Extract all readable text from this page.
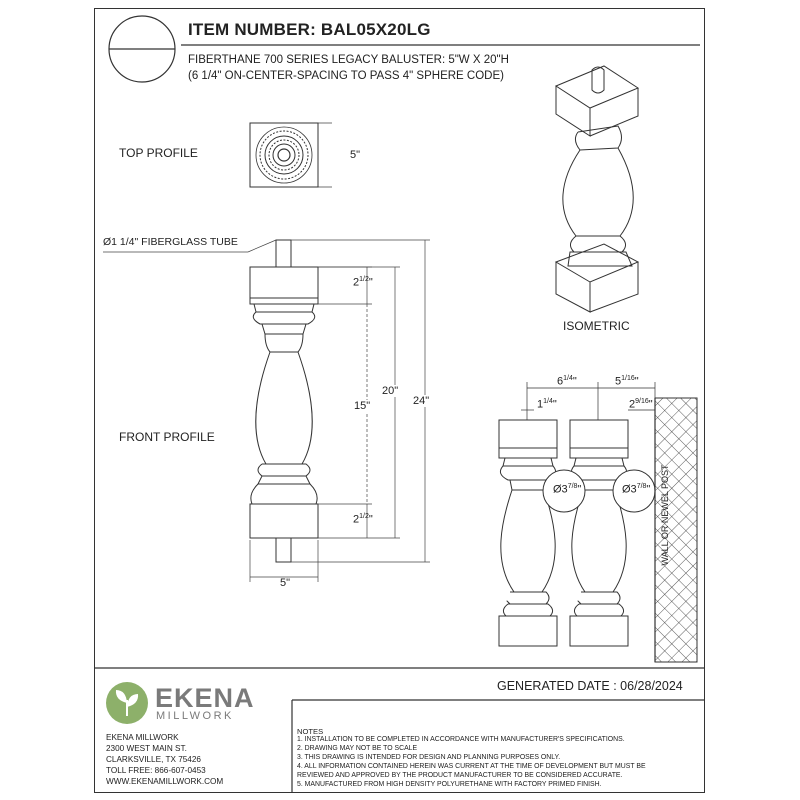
ITEM NUMBER: BAL05X20LG
FIBERTHANE 700 SERIES LEGACY BALUSTER: 5"W X 20"H
(6 1/4" ON-CENTER-SPACING TO PASS 4" SPHERE CODE)
TOP PROFILE
FRONT PROFILE
ISOMETRIC
Ø1 1/4" FIBERGLASS TUBE
5"
$2^{1/2}$"
$2^{1/2}$"
15"
20"
24"
5"
$6^{1/4}$"	$5^{1/16}$"
$1^{1/4}$"	$2^{9/16}$"
$Ø3^{7/8}$"	$Ø3^{7/8}$" WALL OR NEWEL POST
GENERATED DATE : 06/28/2024
EKENA
MILLWORK
EKENA MILLWORK
2300 WEST MAIN ST.
CLARKSVILLE, TX 75426
TOLL FREE: 866-607-0453
WWW.EKENAMILLWORK.COM
NOTES
1. INSTALLATION TO BE COMPLETED IN ACCORDANCE WITH MANUFACTURER'S SPECIFICATIONS.
2. DRAWING MAY NOT BE TO SCALE
3. THIS DRAWING IS INTENDED FOR DESIGN AND PLANNING PURPOSES ONLY.
4. ALL INFORMATION CONTAINED HEREIN WAS CURRENT AT THE TIME OF DEVELOPMENT BUT MUST BE
REVIEWED AND APPROVED BY THE PRODUCT MANUFACTURER TO BE CONSIDERED ACCURATE.
5. MANUFACTURED FROM HIGH DENSITY POLYURETHANE WITH FACTORY PRIMED FINISH.
